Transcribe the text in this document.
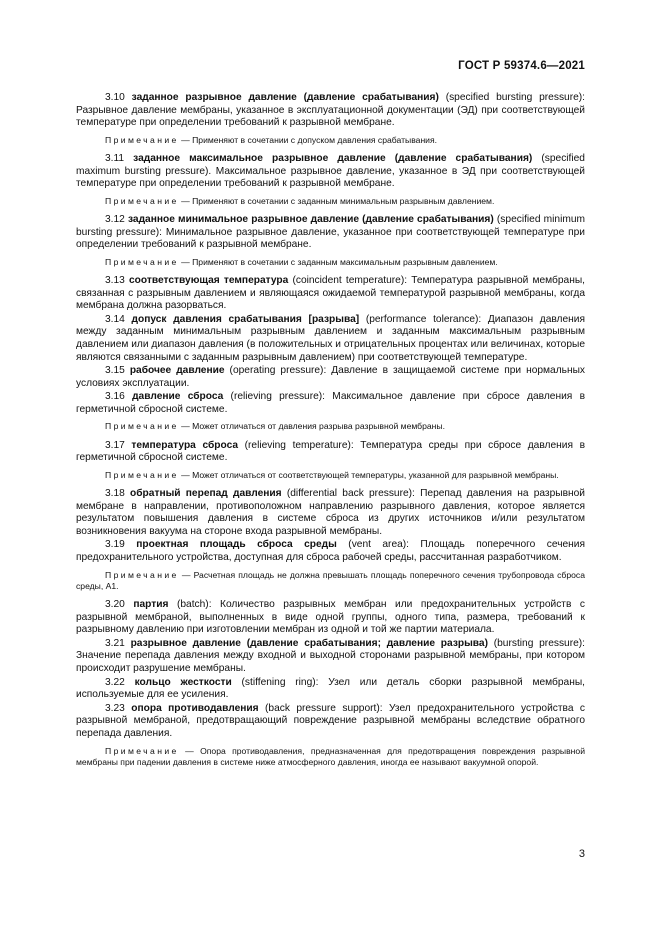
ГОСТ Р 59374.6—2021

3.10 заданное разрывное давление (давление срабатывания) (specified bursting pressure): Разрывное давление мембраны, указанное в эксплуатационной документации (ЭД) при соответствующей температуре при определении требований к разрывной мембране.

Примечание — Применяют в сочетании с допуском давления срабатывания.

3.11 заданное максимальное разрывное давление (давление срабатывания) (specified maximum bursting pressure). Максимальное разрывное давление, указанное в ЭД при соответствующей температуре при определении требований к разрывной мембране.

Примечание — Применяют в сочетании с заданным минимальным разрывным давлением.

3.12 заданное минимальное разрывное давление (давление срабатывания) (specified minimum bursting pressure): Минимальное разрывное давление, указанное при соответствующей температуре при определении требований к разрывной мембране.

Примечание — Применяют в сочетании с заданным максимальным разрывным давлением.

3.13 соответствующая температура (coincident temperature): Температура разрывной мембраны, связанная с разрывным давлением и являющаяся ожидаемой температурой разрывной мембраны, когда мембрана должна разорваться.

3.14 допуск давления срабатывания [разрыва] (performance tolerance): Диапазон давления между заданным минимальным разрывным давлением и заданным максимальным разрывным давлением или диапазон давления (в положительных и отрицательных процентах или величинах, которые являются связанными с заданным разрывным давлением) при соответствующей температуре.

3.15 рабочее давление (operating pressure): Давление в защищаемой системе при нормальных условиях эксплуатации.

3.16 давление сброса (relieving pressure): Максимальное давление при сбросе давления в герметичной сбросной системе.

Примечание — Может отличаться от давления разрыва разрывной мембраны.

3.17 температура сброса (relieving temperature): Температура среды при сбросе давления в герметичной сбросной системе.

Примечание — Может отличаться от соответствующей температуры, указанной для разрывной мембраны.

3.18 обратный перепад давления (differential back pressure): Перепад давления на разрывной мембране в направлении, противоположном направлению разрывного давления, которое является результатом повышения давления в системе сброса из других источников и/или результатом возникновения вакуума на стороне входа разрывной мембраны.

3.19 проектная площадь сброса среды (vent area): Площадь поперечного сечения предохранительного устройства, доступная для сброса рабочей среды, рассчитанная разработчиком.

Примечание — Расчетная площадь не должна превышать площадь поперечного сечения трубопровода сброса среды, А1.

3.20 партия (batch): Количество разрывных мембран или предохранительных устройств с разрывной мембраной, выполненных в виде одной группы, одного типа, размера, требований к разрывному давлению при изготовлении мембран из одной и той же партии материала.

3.21 разрывное давление (давление срабатывания; давление разрыва) (bursting pressure): Значение перепада давления между входной и выходной сторонами разрывной мембраны, при котором происходит разрушение мембраны.

3.22 кольцо жесткости (stiffening ring): Узел или деталь сборки разрывной мембраны, используемые для ее усиления.

3.23 опора противодавления (back pressure support): Узел предохранительного устройства с разрывной мембраной, предотвращающий повреждение разрывной мембраны вследствие обратного перепада давления.

Примечание — Опора противодавления, предназначенная для предотвращения повреждения разрывной мембраны при падении давления в системе ниже атмосферного давления, иногда ее называют вакуумной опорой.

3
